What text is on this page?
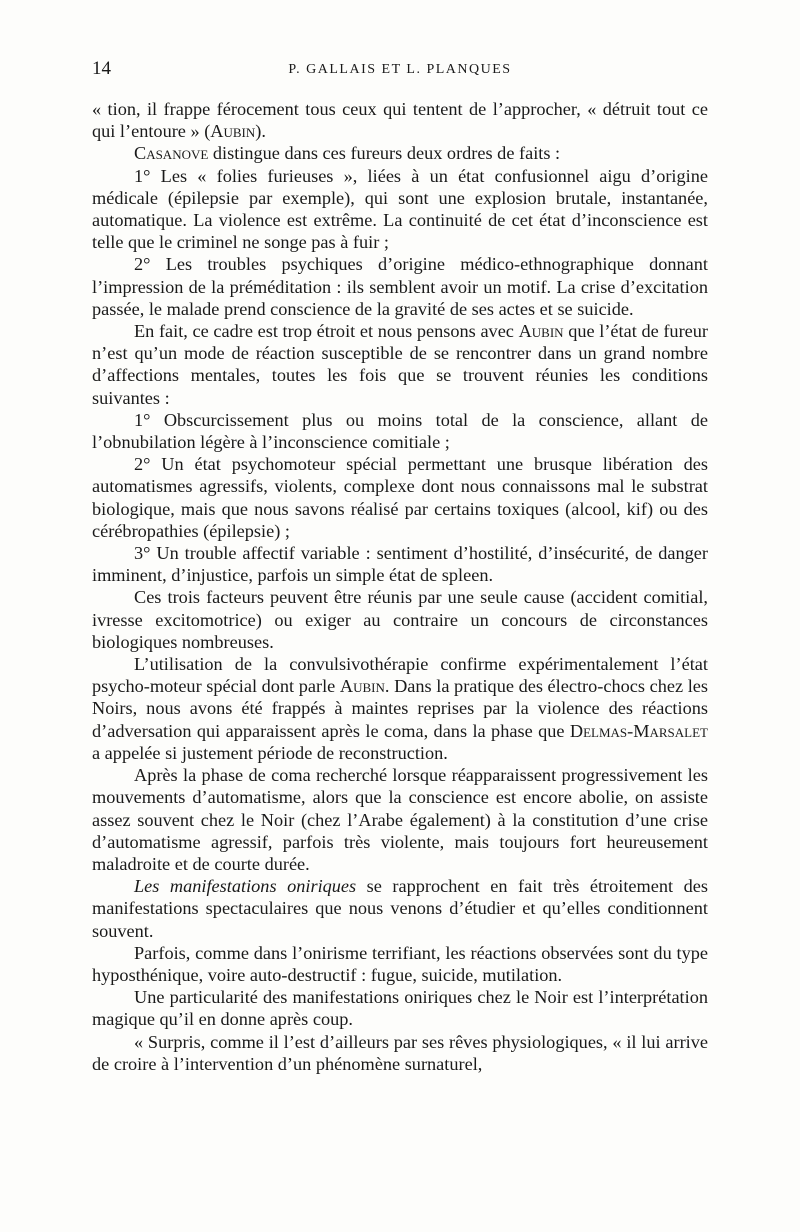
14	P. GALLAIS ET L. PLANQUES

« tion, il frappe férocement tous ceux qui tentent de l’approcher, « détruit tout ce qui l’entoure » (Aubin).

Casanove distingue dans ces fureurs deux ordres de faits :

1° Les « folies furieuses », liées à un état confusionnel aigu d’origine médicale (épilepsie par exemple), qui sont une explosion brutale, instantanée, automatique. La violence est extrême. La continuité de cet état d’inconscience est telle que le criminel ne songe pas à fuir ;

2° Les troubles psychiques d’origine médico-ethnographique donnant l’impression de la préméditation : ils semblent avoir un motif. La crise d’excitation passée, le malade prend conscience de la gravité de ses actes et se suicide.

En fait, ce cadre est trop étroit et nous pensons avec Aubin que l’état de fureur n’est qu’un mode de réaction susceptible de se rencontrer dans un grand nombre d’affections mentales, toutes les fois que se trouvent réunies les conditions suivantes :

1° Obscurcissement plus ou moins total de la conscience, allant de l’obnubilation légère à l’inconscience comitiale ;

2° Un état psychomoteur spécial permettant une brusque libération des automatismes agressifs, violents, complexe dont nous connaissons mal le substrat biologique, mais que nous savons réalisé par certains toxiques (alcool, kif) ou des cérébropathies (épilepsie) ;

3° Un trouble affectif variable : sentiment d’hostilité, d’insécurité, de danger imminent, d’injustice, parfois un simple état de spleen.

Ces trois facteurs peuvent être réunis par une seule cause (accident comitial, ivresse excitomotrice) ou exiger au contraire un concours de circonstances biologiques nombreuses.

L’utilisation de la convulsivothérapie confirme expérimentalement l’état psycho-moteur spécial dont parle Aubin. Dans la pratique des électro-chocs chez les Noirs, nous avons été frappés à maintes reprises par la violence des réactions d’adversation qui apparaissent après le coma, dans la phase que Delmas-Marsalet a appelée si justement période de reconstruction.

Après la phase de coma recherché lorsque réapparaissent progressivement les mouvements d’automatisme, alors que la conscience est encore abolie, on assiste assez souvent chez le Noir (chez l’Arabe également) à la constitution d’une crise d’automatisme agressif, parfois très violente, mais toujours fort heureusement maladroite et de courte durée.

Les manifestations oniriques se rapprochent en fait très étroitement des manifestations spectaculaires que nous venons d’étudier et qu’elles conditionnent souvent.

Parfois, comme dans l’onirisme terrifiant, les réactions observées sont du type hyposthénique, voire auto-destructif : fugue, suicide, mutilation.

Une particularité des manifestations oniriques chez le Noir est l’interprétation magique qu’il en donne après coup.

« Surpris, comme il l’est d’ailleurs par ses rêves physiologiques, « il lui arrive de croire à l’intervention d’un phénomène surnaturel,
